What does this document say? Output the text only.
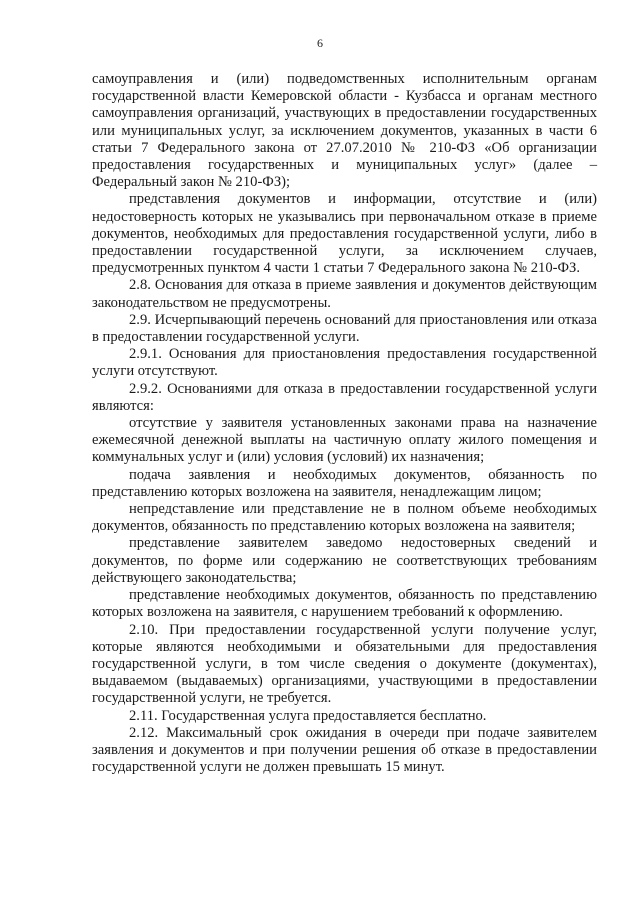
6

самоуправления и (или) подведомственных исполнительным органам государственной власти Кемеровской области - Кузбасса и органам местного самоуправления организаций, участвующих в предоставлении государственных или муниципальных услуг, за исключением документов, указанных в части 6 статьи 7 Федерального закона от 27.07.2010 № 210-ФЗ «Об организации предоставления государственных и муниципальных услуг» (далее – Федеральный закон № 210-ФЗ);

представления документов и информации, отсутствие и (или) недостоверность которых не указывались при первоначальном отказе в приеме документов, необходимых для предоставления государственной услуги, либо в предоставлении государственной услуги, за исключением случаев, предусмотренных пунктом 4 части 1 статьи 7 Федерального закона № 210-ФЗ.

2.8. Основания для отказа в приеме заявления и документов действующим законодательством не предусмотрены.

2.9. Исчерпывающий перечень оснований для приостановления или отказа в предоставлении государственной услуги.

2.9.1. Основания для приостановления предоставления государственной услуги отсутствуют.

2.9.2. Основаниями для отказа в предоставлении государственной услуги являются:

отсутствие у заявителя установленных законами права на назначение ежемесячной денежной выплаты на частичную оплату жилого помещения и коммунальных услуг и (или) условия (условий) их назначения;

подача заявления и необходимых документов, обязанность по представлению которых возложена на заявителя, ненадлежащим лицом;

непредставление или представление не в полном объеме необходимых документов, обязанность по представлению которых возложена на заявителя;

представление заявителем заведомо недостоверных сведений и документов, по форме или содержанию не соответствующих требованиям действующего законодательства;

представление необходимых документов, обязанность по представлению которых возложена на заявителя, с нарушением требований к оформлению.

2.10. При предоставлении государственной услуги получение услуг, которые являются необходимыми и обязательными для предоставления государственной услуги, в том числе сведения о документе (документах), выдаваемом (выдаваемых) организациями, участвующими в предоставлении государственной услуги, не требуется.

2.11. Государственная услуга предоставляется бесплатно.

2.12. Максимальный срок ожидания в очереди при подаче заявителем заявления и документов и при получении решения об отказе в предоставлении государственной услуги не должен превышать 15 минут.
